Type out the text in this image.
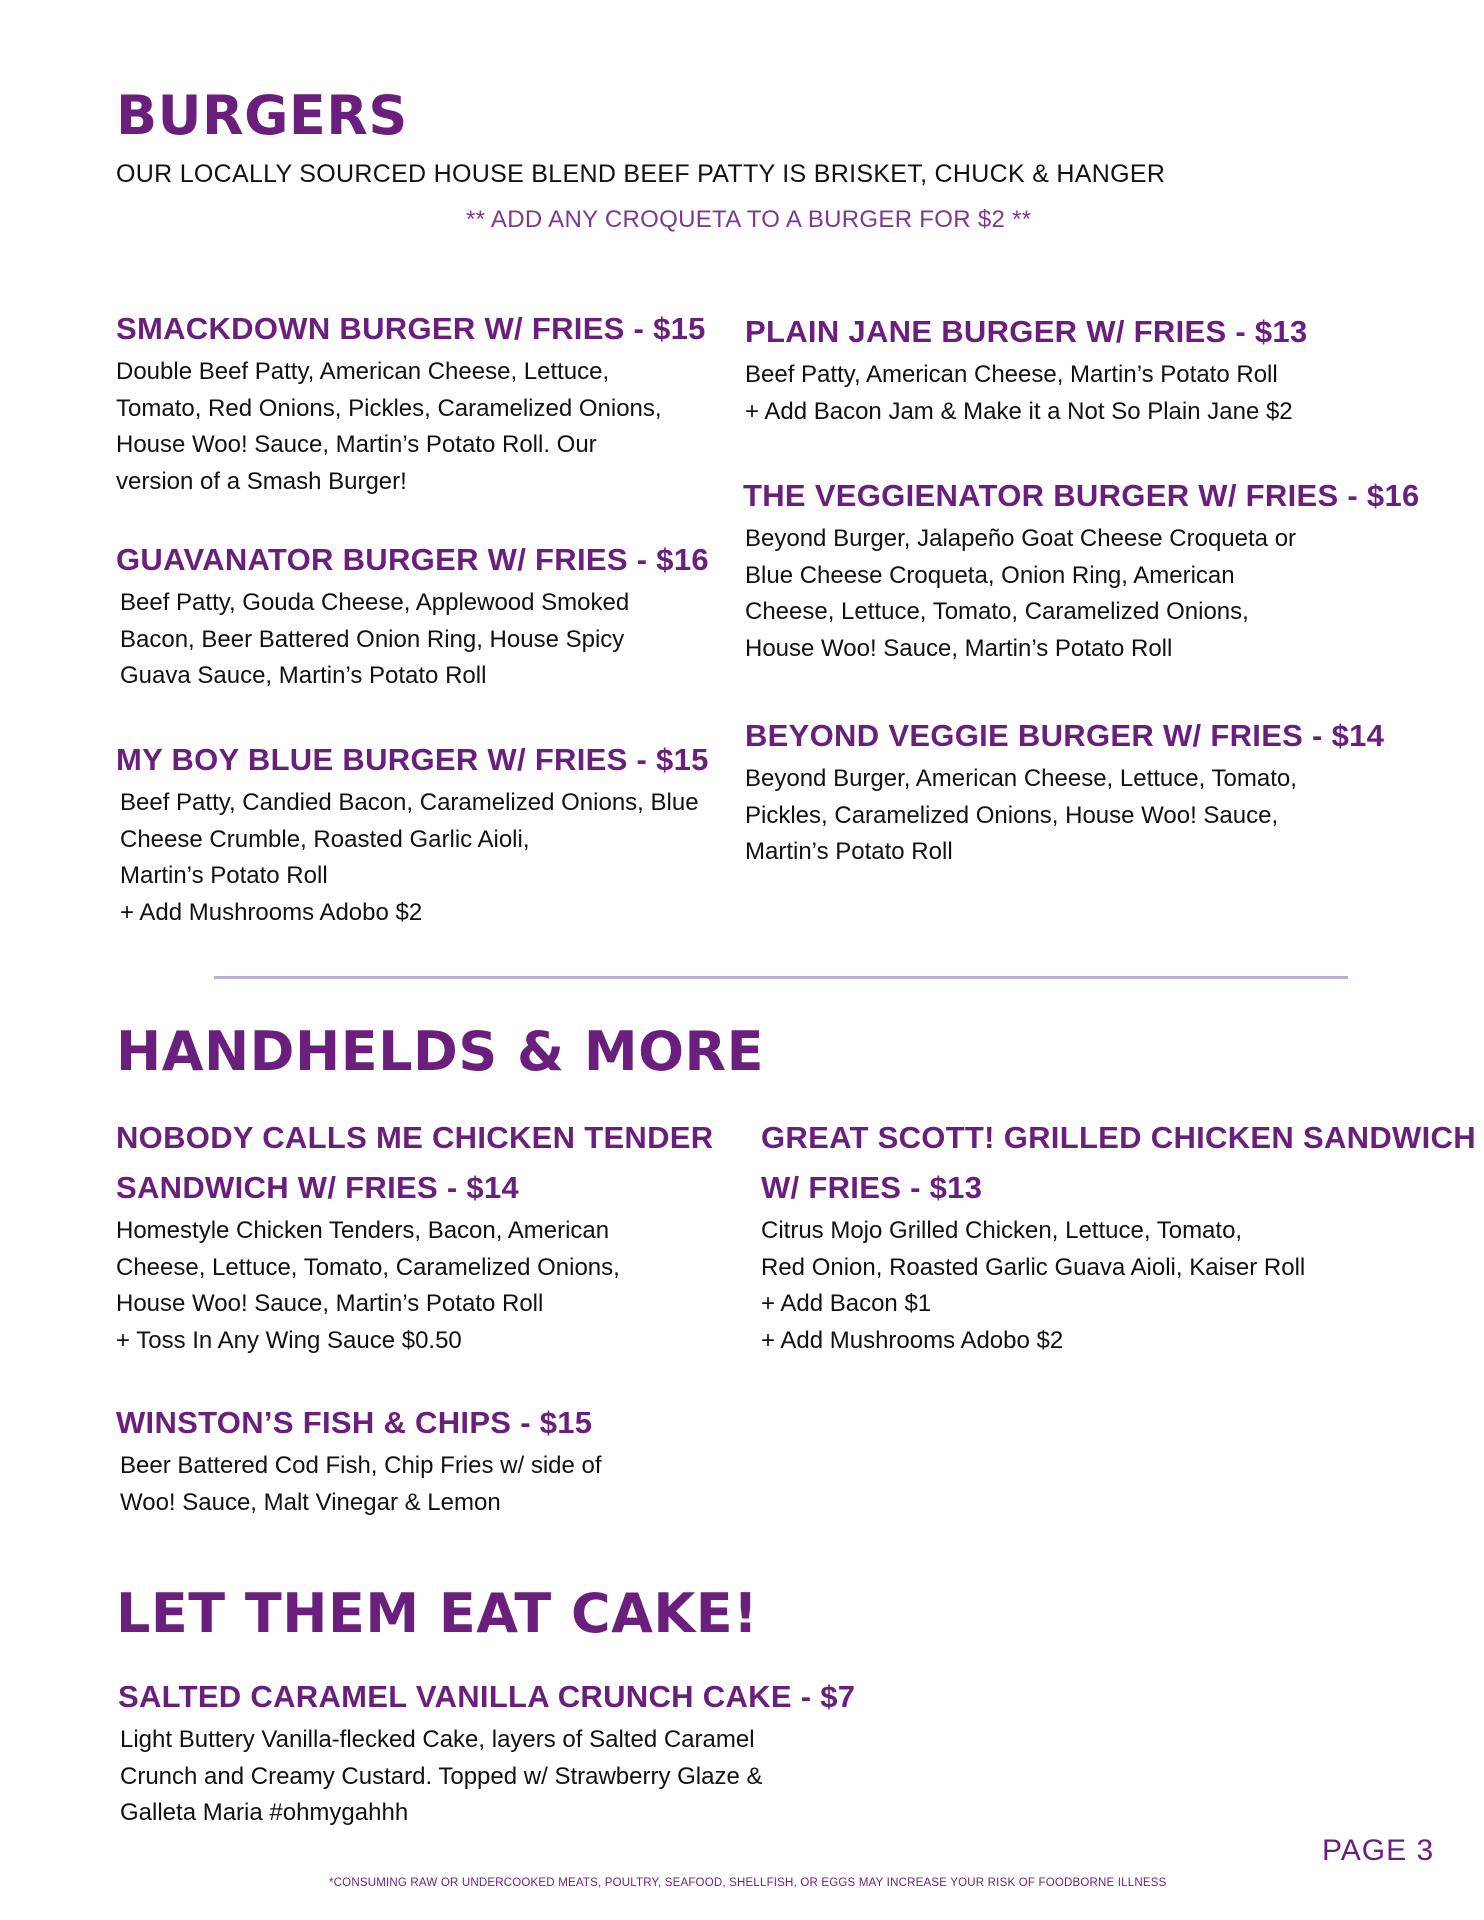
BURGERS
OUR LOCALLY SOURCED HOUSE BLEND BEEF PATTY IS BRISKET, CHUCK & HANGER
** ADD ANY CROQUETA TO A BURGER FOR $2 **
SMACKDOWN BURGER W/ FRIES - $15
Double Beef Patty, American Cheese, Lettuce,
Tomato, Red Onions, Pickles, Caramelized Onions,
House Woo! Sauce, Martin’s Potato Roll. Our
version of a Smash Burger!
GUAVANATOR BURGER W/ FRIES - $16
Beef Patty, Gouda Cheese, Applewood Smoked
Bacon, Beer Battered Onion Ring, House Spicy
Guava Sauce, Martin’s Potato Roll
MY BOY BLUE BURGER W/ FRIES - $15
Beef Patty, Candied Bacon, Caramelized Onions, Blue
Cheese Crumble, Roasted Garlic Aioli,
Martin’s Potato Roll
+ Add Mushrooms Adobo $2
PLAIN JANE BURGER W/ FRIES - $13
Beef Patty, American Cheese, Martin’s Potato Roll
+ Add Bacon Jam & Make it a Not So Plain Jane $2
THE VEGGIENATOR BURGER W/ FRIES - $16
Beyond Burger, Jalapeño Goat Cheese Croqueta or
Blue Cheese Croqueta, Onion Ring, American
Cheese, Lettuce, Tomato, Caramelized Onions,
House Woo! Sauce, Martin’s Potato Roll
BEYOND VEGGIE BURGER W/ FRIES - $14
Beyond Burger, American Cheese, Lettuce, Tomato,
Pickles, Caramelized Onions, House Woo! Sauce,
Martin’s Potato Roll
HANDHELDS & MORE
NOBODY CALLS ME CHICKEN TENDER
SANDWICH W/ FRIES - $14
Homestyle Chicken Tenders, Bacon, American
Cheese, Lettuce, Tomato, Caramelized Onions,
House Woo! Sauce, Martin’s Potato Roll
+ Toss In Any Wing Sauce $0.50
GREAT SCOTT! GRILLED CHICKEN SANDWICH
W/ FRIES - $13
Citrus Mojo Grilled Chicken, Lettuce, Tomato,
Red Onion, Roasted Garlic Guava Aioli, Kaiser Roll
+ Add Bacon $1
+ Add Mushrooms Adobo $2
WINSTON’S FISH & CHIPS - $15
Beer Battered Cod Fish, Chip Fries w/ side of
Woo! Sauce, Malt Vinegar & Lemon
LET THEM EAT CAKE!
SALTED CARAMEL VANILLA CRUNCH CAKE - $7
Light Buttery Vanilla-flecked Cake, layers of Salted Caramel
Crunch and Creamy Custard. Topped w/ Strawberry Glaze &
Galleta Maria #ohmygahhh
PAGE 3
*CONSUMING RAW OR UNDERCOOKED MEATS, POULTRY, SEAFOOD, SHELLFISH, OR EGGS MAY INCREASE YOUR RISK OF FOODBORNE ILLNESS
